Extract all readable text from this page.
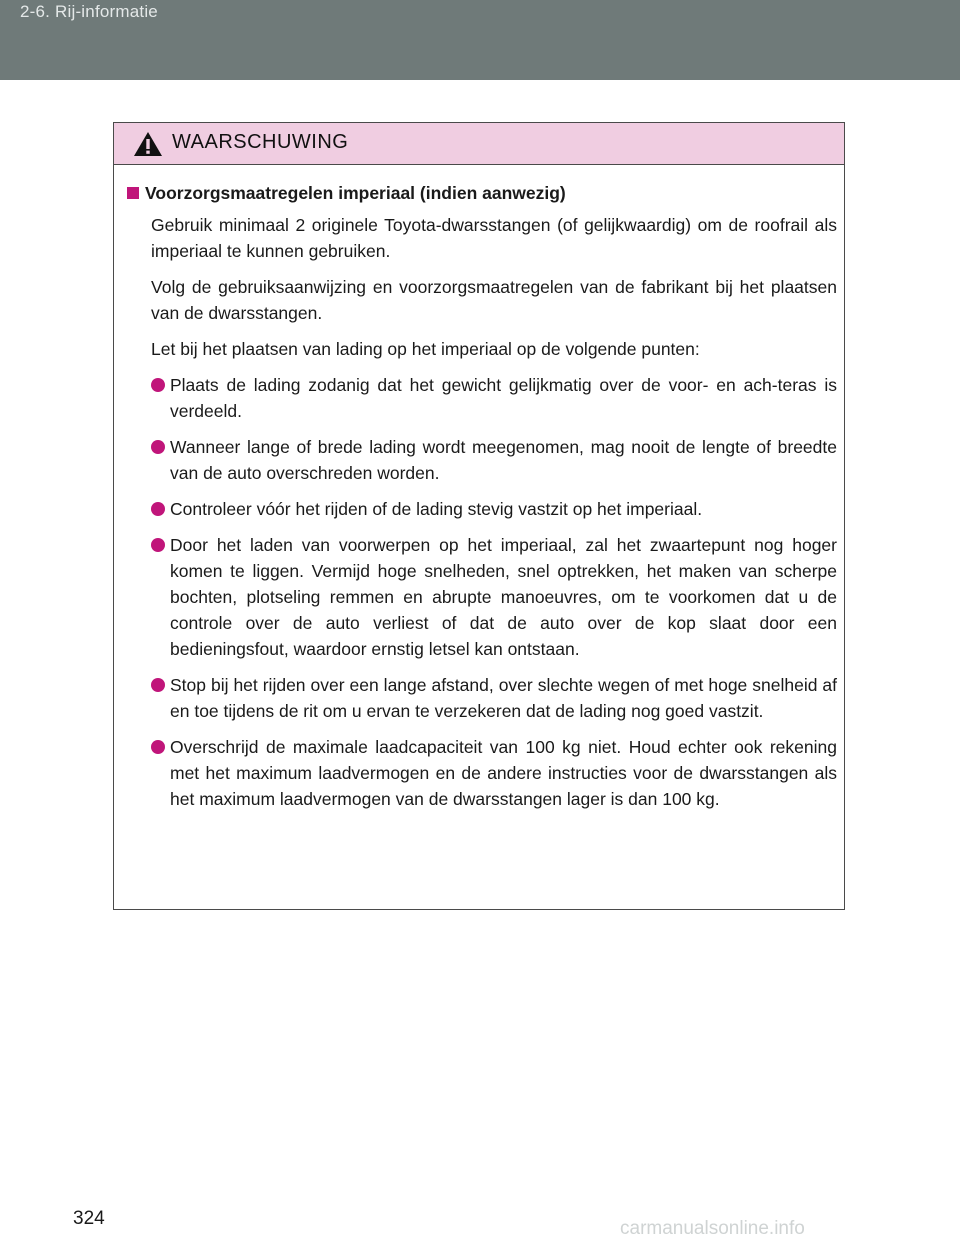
2-6. Rij-informatie
WAARSCHUWING
Voorzorgsmaatregelen imperiaal (indien aanwezig)

Gebruik minimaal 2 originele Toyota-dwarsstangen (of gelijkwaardig) om de roofrail als imperiaal te kunnen gebruiken.

Volg de gebruiksaanwijzing en voorzorgsmaatregelen van de fabrikant bij het plaatsen van de dwarsstangen.

Let bij het plaatsen van lading op het imperiaal op de volgende punten:

Plaats de lading zodanig dat het gewicht gelijkmatig over de voor- en ach-teras is verdeeld.
Wanneer lange of brede lading wordt meegenomen, mag nooit de lengte of breedte van de auto overschreden worden.
Controleer vóór het rijden of de lading stevig vastzit op het imperiaal.
Door het laden van voorwerpen op het imperiaal, zal het zwaartepunt nog hoger komen te liggen. Vermijd hoge snelheden, snel optrekken, het maken van scherpe bochten, plotseling remmen en abrupte manoeuvres, om te voorkomen dat u de controle over de auto verliest of dat de auto over de kop slaat door een bedieningsfout, waardoor ernstig letsel kan ontstaan.
Stop bij het rijden over een lange afstand, over slechte wegen of met hoge snelheid af en toe tijdens de rit om u ervan te verzekeren dat de lading nog goed vastzit.
Overschrijd de maximale laadcapaciteit van 100 kg niet. Houd echter ook rekening met het maximum laadvermogen en de andere instructies voor de dwarsstangen als het maximum laadvermogen van de dwarsstangen lager is dan 100 kg.
324	carmanualsonline.info
